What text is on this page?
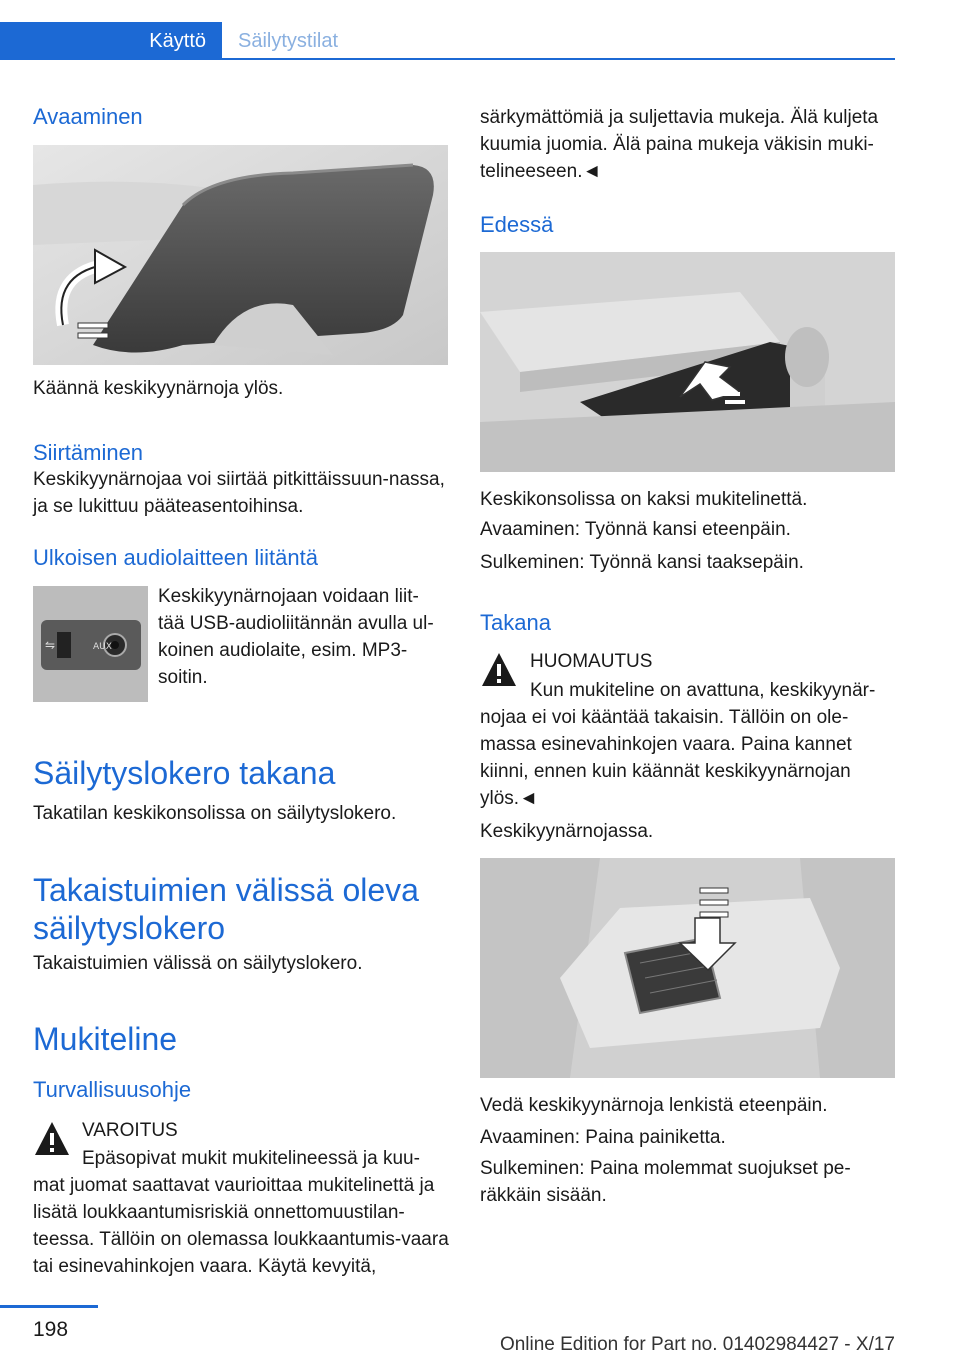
Käyttö Säilytystilat
Avaaminen
Käännä keskikyynärnoja ylös.
Siirtäminen
Keskikyynärnojaa voi siirtää pitkittäissuun-nassa, ja se lukittuu pääteasentoihinsa.
Ulkoisen audiolaitteen liitäntä
AUX
⇋
Keskikyynärnojaan voidaan liit-
tää USB-audioliitännän avulla ul-
koinen audiolaite, esim. MP3-
soitin.
Säilytyslokero takana
Takatilan keskikonsolissa on säilytyslokero.
Takaistuimien välissä oleva säilytyslokero
Takaistuimien välissä on säilytyslokero.
Mukiteline
Turvallisuusohje
VAROITUS
Epäsopivat mukit mukitelineessä ja kuu-
mat juomat saattavat vaurioittaa mukitelinettä ja lisätä loukkaantumisriskiä onnettomuustilan-teessa. Tällöin on olemassa loukkaantumis-vaara tai esinevahinkojen vaara. Käytä kevyitä,
särkymättömiä ja suljettavia mukeja. Älä kuljeta kuumia juomia. Älä paina mukeja väkisin muki-telineeseen.◄
Edessä
Keskikonsolissa on kaksi mukitelinettä.
Avaaminen: Työnnä kansi eteenpäin.
Sulkeminen: Työnnä kansi taaksepäin.
Takana
HUOMAUTUS
Kun mukiteline on avattuna, keskikyynär-
nojaa ei voi kääntää takaisin. Tällöin on ole-massa esinevahinkojen vaara. Paina kannet kiinni, ennen kuin käännät keskikyynärnojan ylös.◄
Keskikyynärnojassa.
Vedä keskikyynärnoja lenkistä eteenpäin.
Avaaminen: Paina painiketta.
Sulkeminen: Paina molemmat suojukset pe-räkkäin sisään.
198
Online Edition for Part no. 01402984427 - X/17
